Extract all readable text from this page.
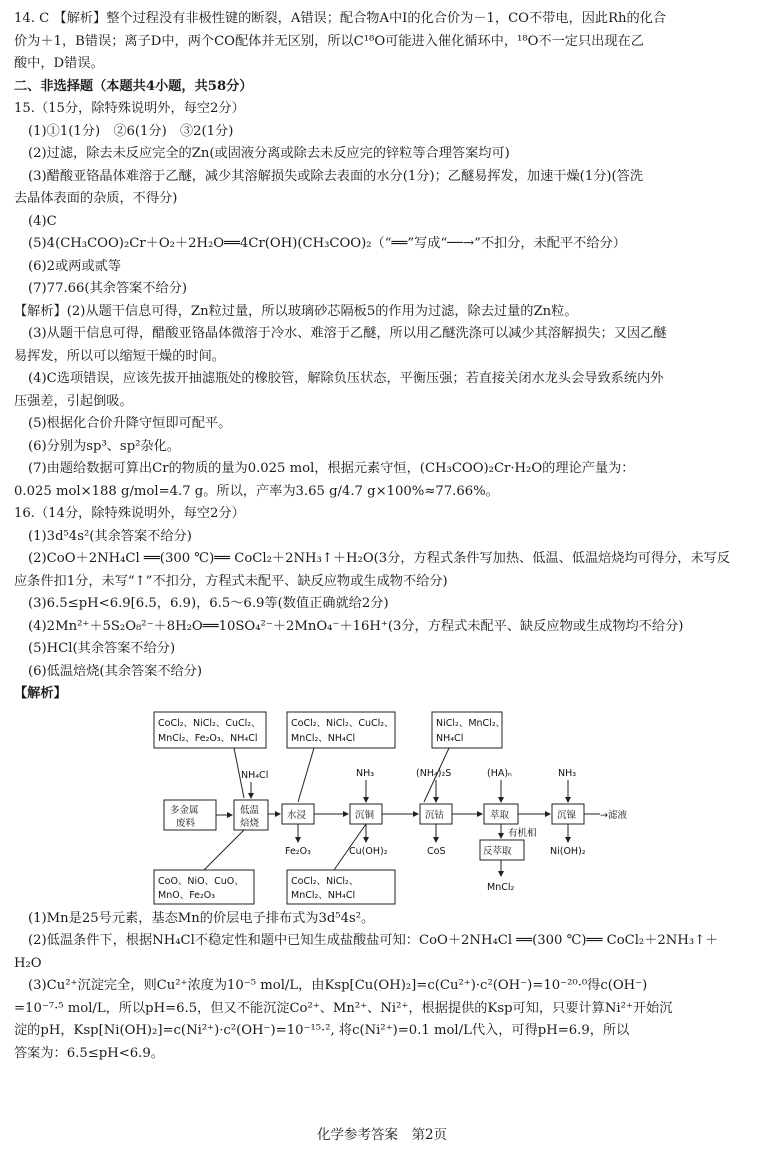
14. C 【解析】整个过程没有非极性键的断裂，A错误；配合物A中I的化合价为－1，CO不带电，因此Rh的化合
价为＋1，B错误；离子D中，两个CO配体并无区别，所以C¹⁸O可能进入催化循环中，¹⁸O不一定只出现在乙
酸中，D错误。
二、非选择题（本题共4小题，共58分）
15.（15分，除特殊说明外，每空2分）
(1)①1(1分)　②6(1分)　③2(1分)
(2)过滤，除去未反应完全的Zn(或固液分离或除去未反应完的锌粒等合理答案均可)
(3)醋酸亚铬晶体难溶于乙醚，减少其溶解损失或除去表面的水分(1分)；乙醚易挥发，加速干燥(1分)(答洗
去晶体表面的杂质，不得分)
(4)C
(5)4(CH₃COO)₂Cr＋O₂＋2H₂O══4Cr(OH)(CH₃COO)₂（“══”写成“──→”不扣分，未配平不给分）
(6)2或两或贰等
(7)77.66(其余答案不给分)
【解析】(2)从题干信息可得，Zn粒过量，所以玻璃砂芯隔板5的作用为过滤，除去过量的Zn粒。
(3)从题干信息可得，醋酸亚铬晶体微溶于冷水、难溶于乙醚，所以用乙醚洗涤可以减少其溶解损失；又因乙醚
易挥发，所以可以缩短干燥的时间。
(4)C选项错误，应该先拔开抽滤瓶处的橡胶管，解除负压状态，平衡压强；若直接关闭水龙头会导致系统内外
压强差，引起倒吸。
(5)根据化合价升降守恒即可配平。
(6)分别为sp³、sp²杂化。
(7)由题给数据可算出Cr的物质的量为0.025 mol，根据元素守恒，(CH₃COO)₂Cr·H₂O的理论产量为：
0.025 mol×188 g/mol=4.7 g。所以，产率为3.65 g/4.7 g×100%≈77.66%。
16.（14分，除特殊说明外，每空2分）
(1)3d⁵4s²(其余答案不给分)
(2)CoO＋2NH₄Cl ══(300 ℃)══ CoCl₂＋2NH₃↑＋H₂O(3分，方程式条件写加热、低温、低温焙烧均可得分，未写反
应条件扣1分，未写“↑”不扣分，方程式未配平、缺反应物或生成物不给分)
(3)6.5≤pH<6.9[6.5，6.9)，6.5～6.9等(数值正确就给2分)
(4)2Mn²⁺＋5S₂O₈²⁻＋8H₂O══10SO₄²⁻＋2MnO₄⁻＋16H⁺(3分，方程式未配平、缺反应物或生成物均不给分)
(5)HCl(其余答案不给分)
(6)低温焙烧(其余答案不给分)
【解析】
CoCl₂、NiCl₂、CuCl₂、
MnCl₂、Fe₂O₃、NH₄Cl
CoCl₂、NiCl₂、CuCl₂、
MnCl₂、NH₄Cl
NiCl₂、MnCl₂、
NH₄Cl
多金属
废料
低温
焙烧
水浸	沉铜	沉钴	萃取	沉镍	→滤液
反萃取
NH₄Cl	NH₃	(NH₄)₂S	(HA)ₙ	NH₃
有机相
Fe₂O₃	Cu(OH)₂	CoS	Ni(OH)₂
MnCl₂
CoO、NiO、CuO、
MnO、Fe₂O₃
CoCl₂、NiCl₂、
MnCl₂、NH₄Cl
(1)Mn是25号元素，基态Mn的价层电子排布式为3d⁵4s²。
(2)低温条件下，根据NH₄Cl不稳定性和题中已知生成盐酸盐可知：CoO＋2NH₄Cl ══(300 ℃)══ CoCl₂＋2NH₃↑＋
H₂O
(3)Cu²⁺沉淀完全，则Cu²⁺浓度为10⁻⁵ mol/L，由Ksp[Cu(OH)₂]=c(Cu²⁺)·c²(OH⁻)=10⁻²⁰·⁰得c(OH⁻)
=10⁻⁷·⁵ mol/L，所以pH=6.5，但又不能沉淀Co²⁺、Mn²⁺、Ni²⁺，根据提供的Ksp可知，只要计算Ni²⁺开始沉
淀的pH，Ksp[Ni(OH)₂]=c(Ni²⁺)·c²(OH⁻)=10⁻¹⁵·², 将c(Ni²⁺)=0.1 mol/L代入，可得pH=6.9，所以
答案为：6.5≤pH<6.9。
化学参考答案　第2页
